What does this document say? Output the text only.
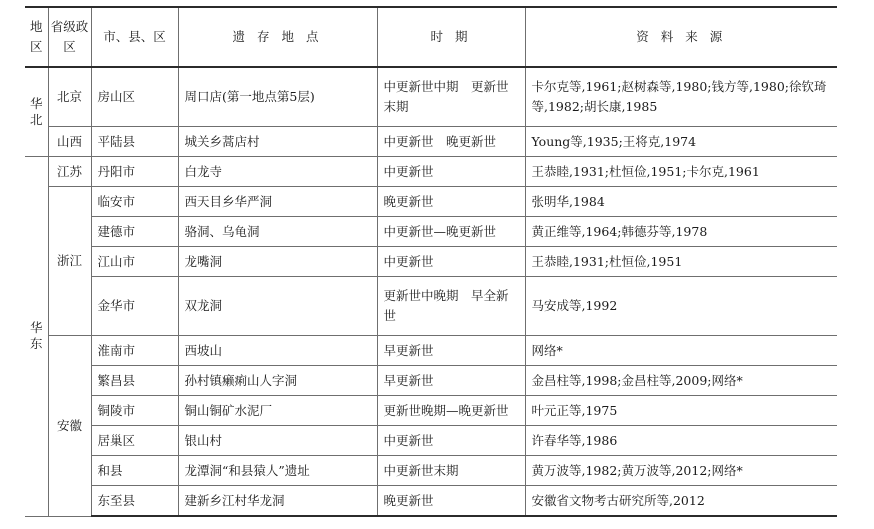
地区	省级政区	市、县、区	遗 存 地 点	时 期	资 料 来 源
华北	北京	房山区	周口店(第一地点第5层)	中更新世中期　更新世末期	卡尔克等,1961;赵树森等,1980;钱方等,1980;徐钦琦等,1982;胡长康,1985
	山西	平陆县	城关乡蒿店村	中更新世　晚更新世	Young等,1935;王将克,1974
华东	江苏	丹阳市	白龙寺	中更新世	王恭睦,1931;杜恒俭,1951;卡尔克,1961
	浙江	临安市	西天目乡华严洞	晚更新世	张明华,1984
		建德市	骆洞、乌龟洞	中更新世—晚更新世	黄正维等,1964;韩德芬等,1978
		江山市	龙嘴洞	中更新世	王恭睦,1931;杜恒俭,1951
		金华市	双龙洞	更新世中晚期　早全新世	马安成等,1992
	安徽	淮南市	西坡山	早更新世	网络*
		繁昌县	孙村镇癞痢山人字洞	早更新世	金昌柱等,1998;金昌柱等,2009;网络*
		铜陵市	铜山铜矿水泥厂	更新世晚期—晚更新世	叶元正等,1975
		居巢区	银山村	中更新世	许春华等,1986
		和县	龙潭洞“和县猿人”遗址	中更新世末期	黄万波等,1982;黄万波等,2012;网络*
		东至县	建新乡江村华龙洞	晚更新世	安徽省文物考古研究所等,2012
